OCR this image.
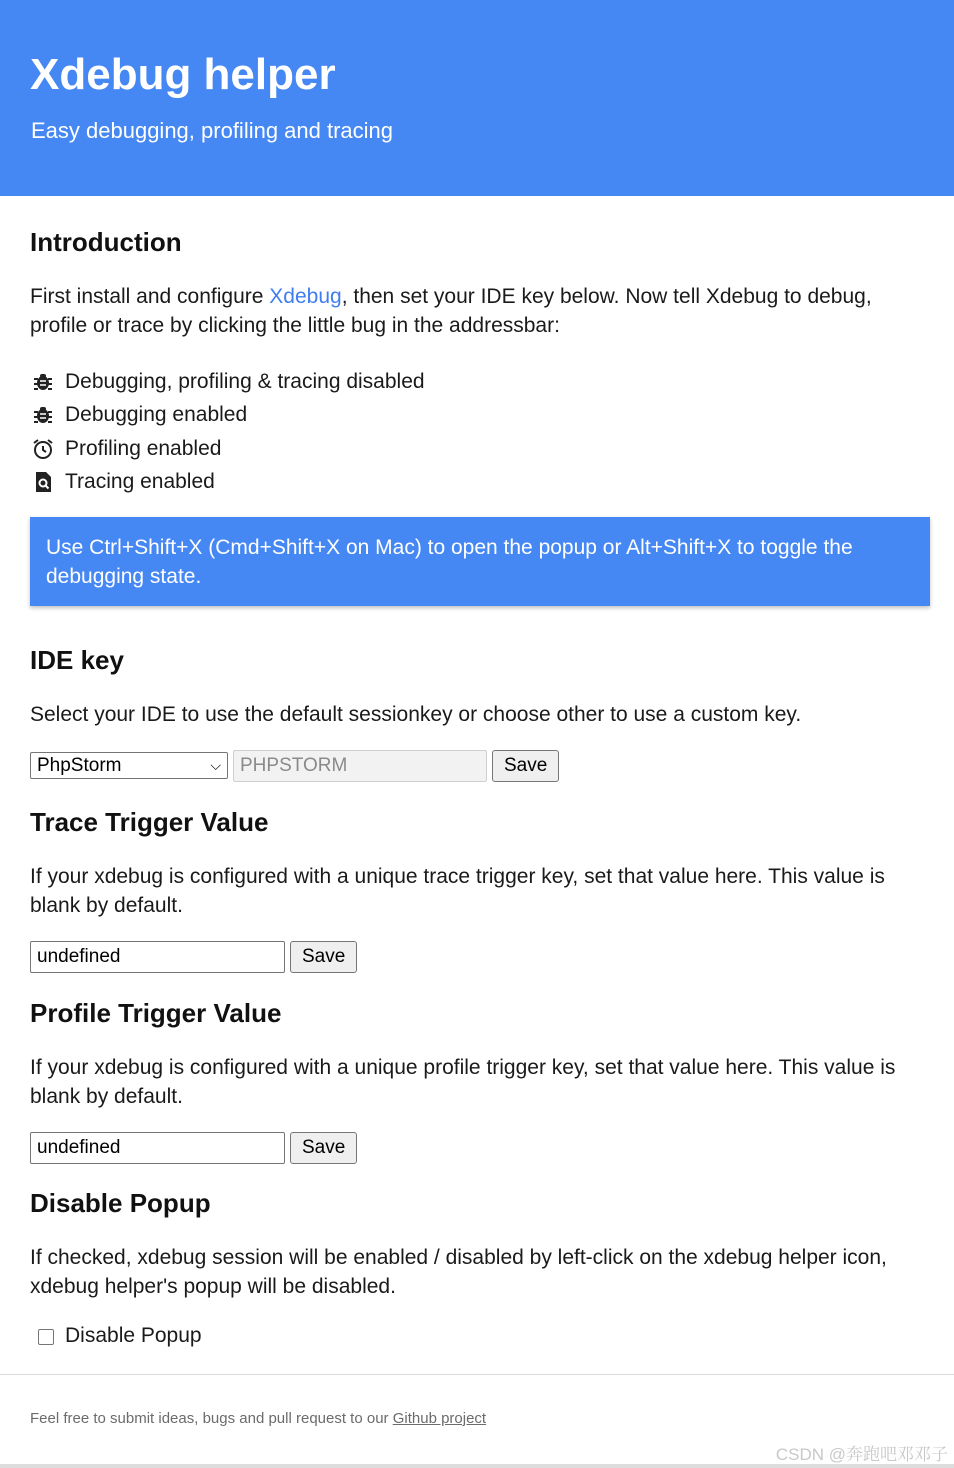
Xdebug helper
Easy debugging, profiling and tracing
Introduction

First install and configure Xdebug, then set your IDE key below. Now tell Xdebug to debug, profile or trace by clicking the little bug in the addressbar:

Debugging, profiling & tracing disabled
Debugging enabled
Profiling enabled
Tracing enabled
Use Ctrl+Shift+X (Cmd+Shift+X on Mac) to open the popup or Alt+Shift+X to toggle the debugging state.
IDE key

Select your IDE to use the default sessionkey or choose other to use a custom key.

PhpStorm	⌵	PHPSTORM	Save
Trace Trigger Value

If your xdebug is configured with a unique trace trigger key, set that value here. This value is blank by default.

undefined	Save
Profile Trigger Value

If your xdebug is configured with a unique profile trigger key, set that value here. This value is blank by default.

undefined	Save
Disable Popup

If checked, xdebug session will be enabled / disabled by left-click on the xdebug helper icon, xdebug helper's popup will be disabled.

Disable Popup
Feel free to submit ideas, bugs and pull request to our Github project
CSDN @奔跑吧邓邓子
